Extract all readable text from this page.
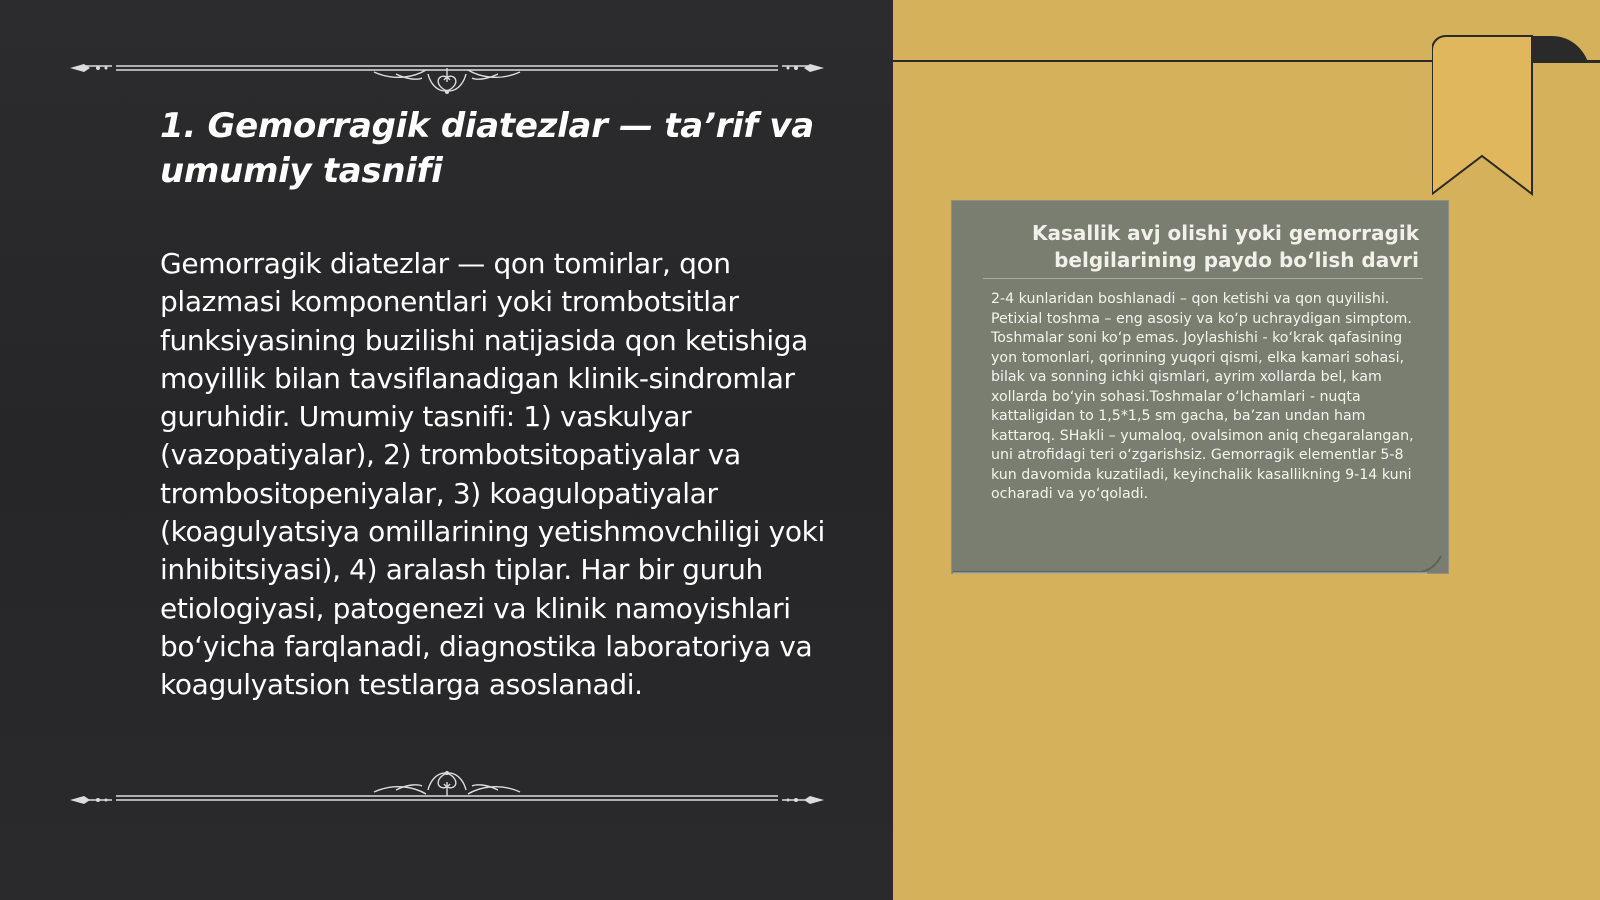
1. Gemorragik diatezlar — ta’rif va umumiy tasnifi

Gemorragik diatezlar — qon tomirlar, qon plazmasi komponentlari yoki trombotsitlar funksiyasining buzilishi natijasida qon ketishiga moyillik bilan tavsiflanadigan klinik-sindromlar guruhidir. Umumiy tasnifi: 1) vaskulyar (vazopatiyalar), 2) trombotsitopatiyalar va trombositopeniyalar, 3) koagulopatiyalar (koagulyatsiya omillarining yetishmovchiligi yoki inhibitsiyasi), 4) aralash tiplar. Har bir guruh etiologiyasi, patogenezi va klinik namoyishlari bo‘yicha farqlanadi, diagnostika laboratoriya va koagulyatsion testlarga asoslanadi.

Kasallik avj olishi yoki gemorragik belgilarining paydo bo‘lish davri

2-4 kunlaridan boshlanadi – qon ketishi va qon quyilishi. Petixial toshma – eng asosiy va ko‘p uchraydigan simptom. Toshmalar soni ko‘p emas. Joylashishi - ko‘krak qafasining yon tomonlari, qorinning yuqori qismi, elka kamari sohasi, bilak va sonning ichki qismlari, ayrim xollarda bel, kam xollarda bo‘yin sohasi.Toshmalar o‘lchamlari - nuqta kattaligidan to 1,5*1,5 sm gacha, ba’zan undan ham kattaroq. SHakli – yumaloq, ovalsimon aniq chegaralangan, uni atrofidagi teri o‘zgarishsiz. Gemorragik elementlar 5-8 kun davomida kuzatiladi, keyinchalik kasallikning 9-14 kuni ocharadi va yo‘qoladi.
